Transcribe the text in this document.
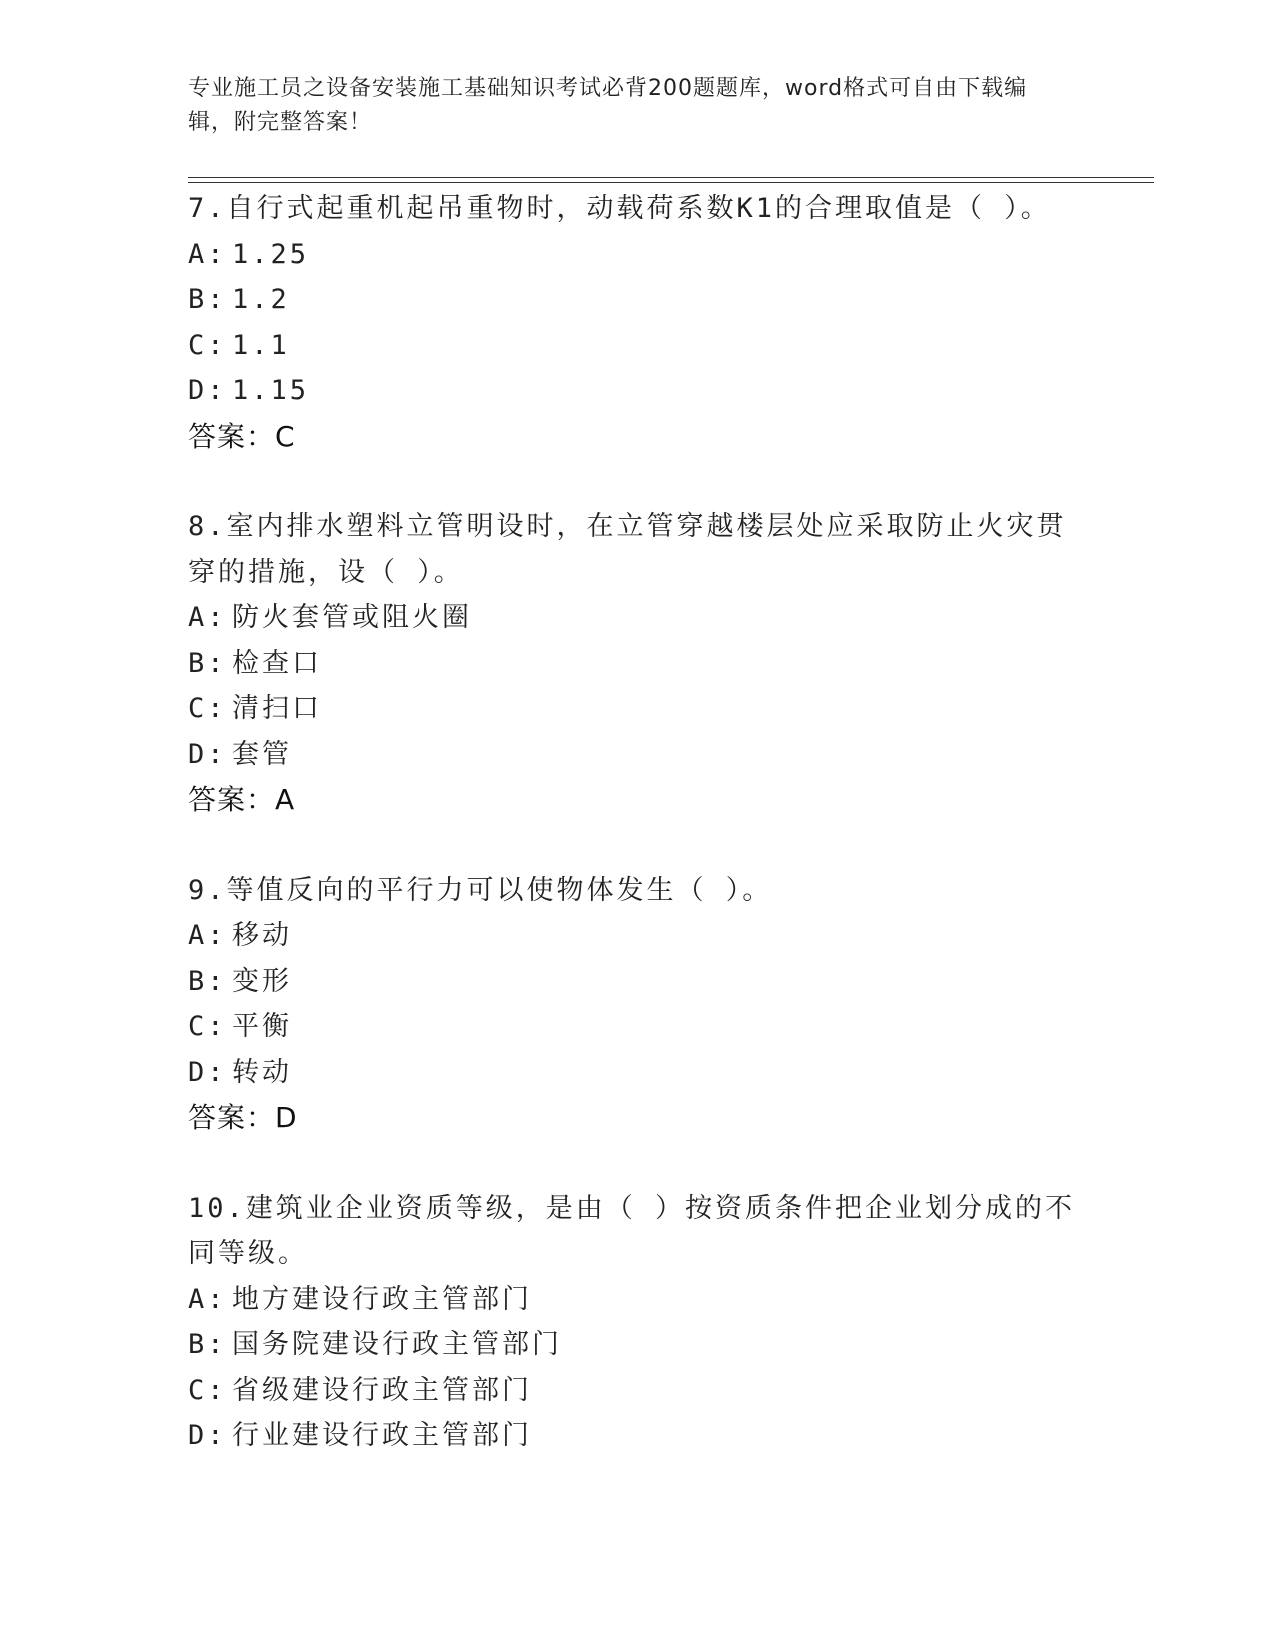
专业施工员之设备安装施工基础知识考试必背200题题库，word格式可自由下载编辑，附完整答案！

7.自行式起重机起吊重物时，动载荷系数K1的合理取值是（ ）。

A: 1.25
B: 1.2
C: 1.1
D: 1.15
答案：C

8.室内排水塑料立管明设时，在立管穿越楼层处应采取防止火灾贯穿的措施，设（ ）。

A: 防火套管或阻火圈
B: 检查口
C: 清扫口
D: 套管
答案：A

9.等值反向的平行力可以使物体发生（ ）。

A: 移动
B: 变形
C: 平衡
D: 转动
答案：D

10.建筑业企业资质等级，是由（ ）按资质条件把企业划分成的不同等级。

A: 地方建设行政主管部门
B: 国务院建设行政主管部门
C: 省级建设行政主管部门
D: 行业建设行政主管部门
